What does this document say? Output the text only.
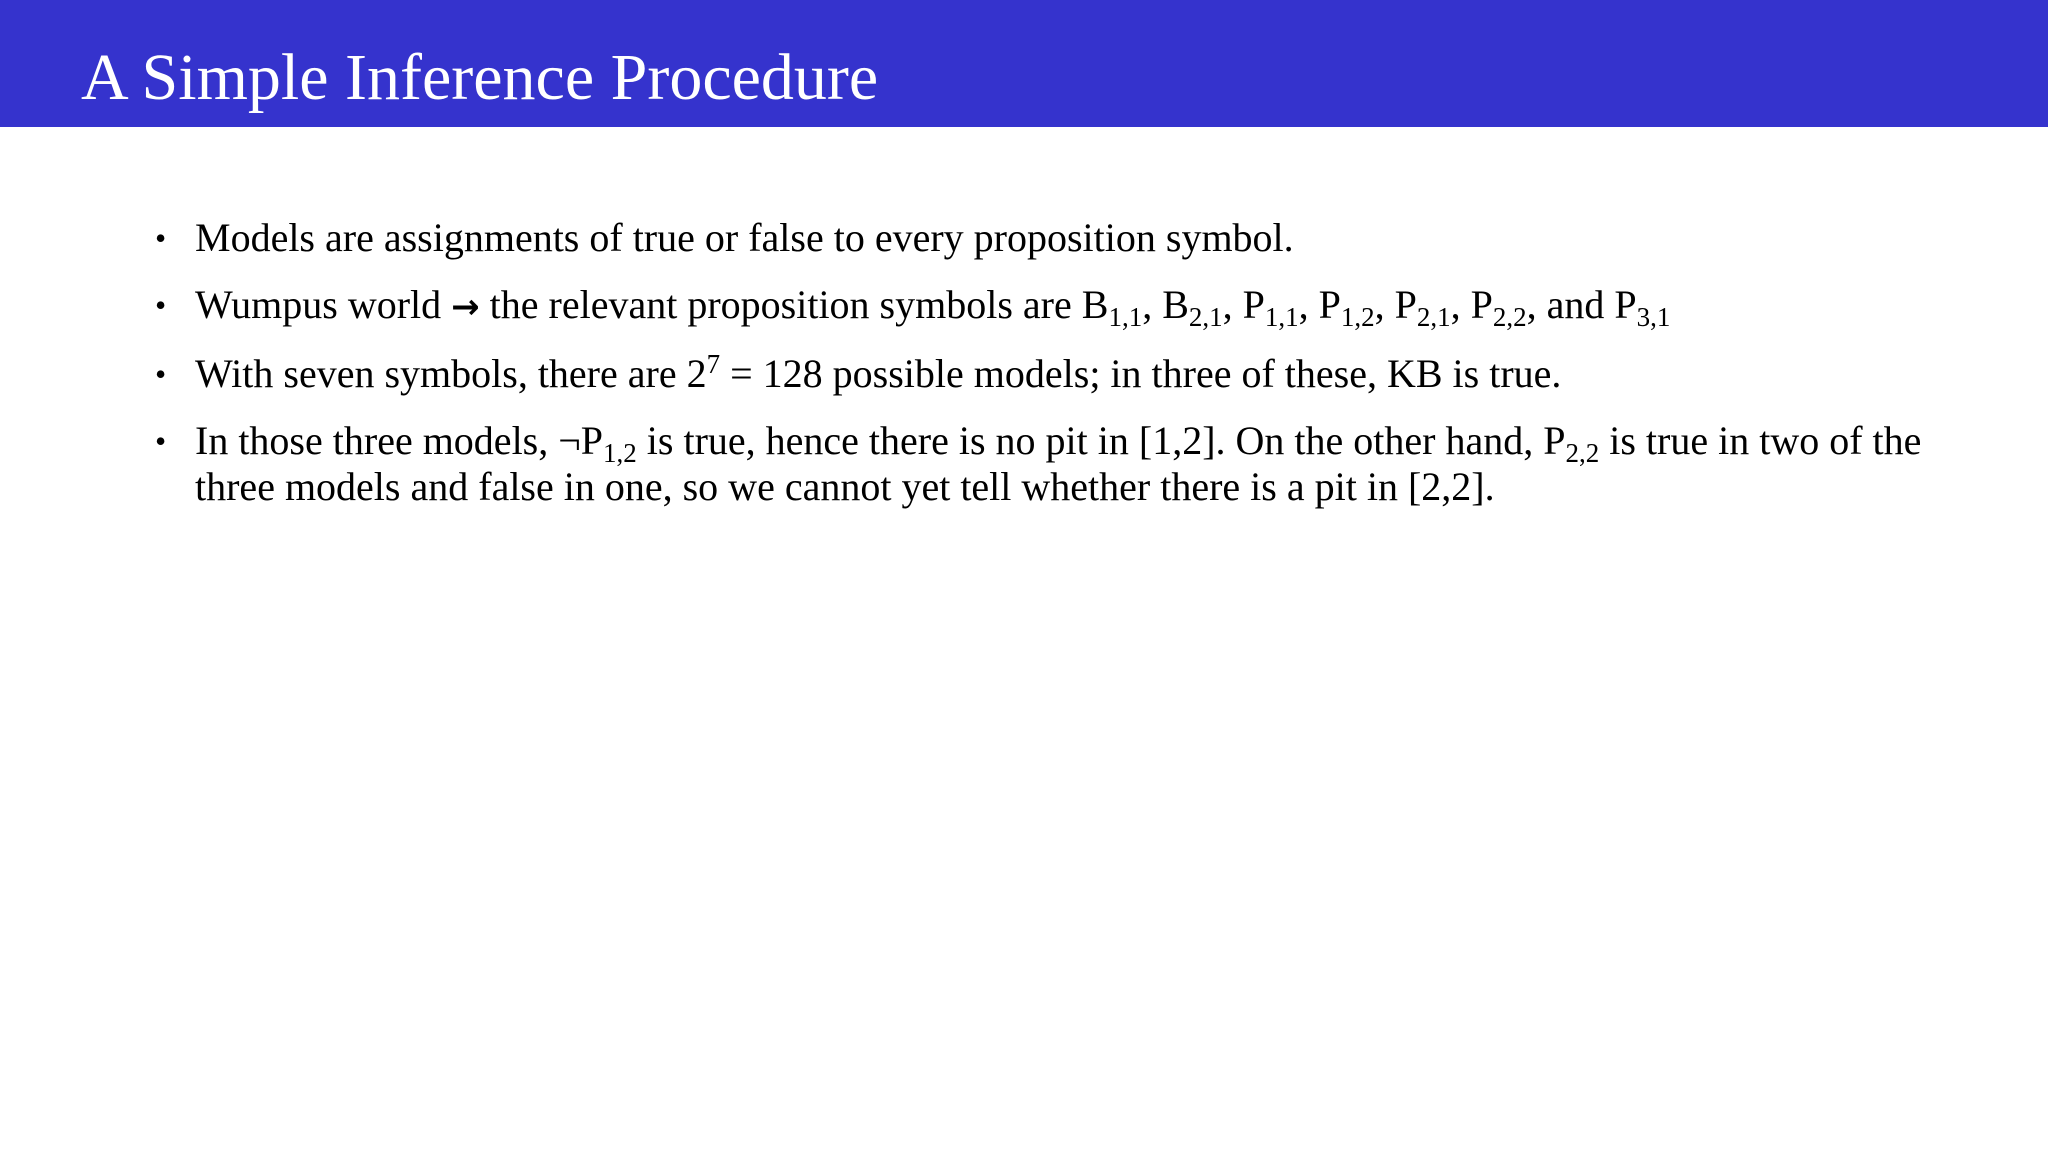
A Simple Inference Procedure
• Models are assignments of true or false to every proposition symbol.
• Wumpus world → the relevant proposition symbols are $B_{1,1}$, $B_{2,1}$, $P_{1,1}$, $P_{1,2}$, $P_{2,1}$, $P_{2,2}$, and $P_{3,1}$
• With seven symbols, there are $2^7 = 128$ possible models; in three of these, KB is true.
• In those three models, $\neg P_{1,2}$ is true, hence there is no pit in [1,2]. On the other hand, $P_{2,2}$ is true in two of the three models and false in one, so we cannot yet tell whether there is a pit in [2,2].
